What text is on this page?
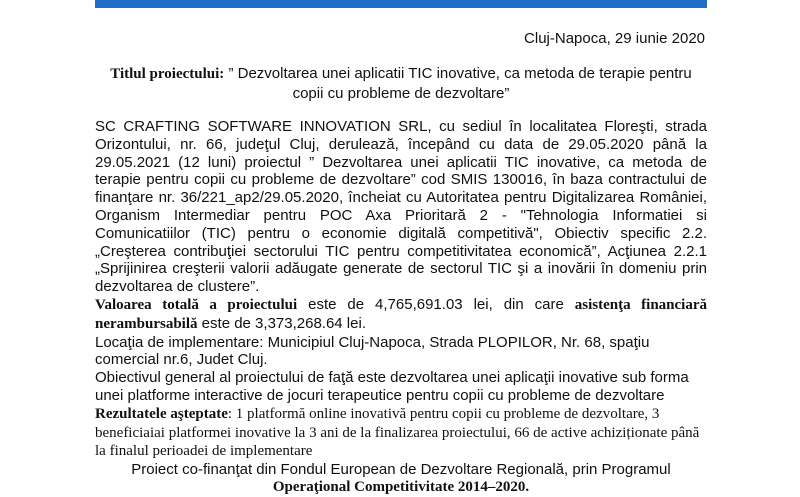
Cluj-Napoca, 29 iunie 2020
Titlul proiectului: ” Dezvoltarea unei aplicatii TIC inovative, ca metoda de terapie pentru
copii cu probleme de dezvoltare”

SC CRAFTING SOFTWARE INNOVATION SRL, cu sediul în localitatea Floreşti, strada Orizontului, nr. 66, judeţul Cluj, derulează, începând cu data de 29.05.2020 până la 29.05.2021 (12 luni) proiectul ” Dezvoltarea unei aplicatii TIC inovative, ca metoda de terapie pentru copii cu probleme de dezvoltare” cod SMIS 130016, în baza contractului de finanţare nr. 36/221_ap2/29.05.2020, încheiat cu Autoritatea pentru Digitalizarea României, Organism Intermediar pentru POC Axa Prioritară 2 - "Tehnologia Informatiei si Comunicatiilor (TIC) pentru o economie digitală competitivă", Obiectiv specific 2.2. „Creşterea contribuţiei sectorului TIC pentru competitivitatea economică”, Acţiunea 2.2.1 „Sprijinirea creşterii valorii adăugate generate de sectorul TIC şi a inovării în domeniu prin dezvoltarea de clustere”.

Valoarea totală a proiectului este de 4,765,691.03 lei, din care asistenţa financiară nerambursabilă este de 3,373,268.64 lei.

Locaţia de implementare: Municipiul Cluj-Napoca, Strada PLOPILOR, Nr. 68, spaţiu comercial nr.6, Judet Cluj.

Obiectivul general al proiectului de faţă este dezvoltarea unei aplicaţii inovative sub forma unei platforme interactive de jocuri terapeutice pentru copii cu probleme de dezvoltare

Rezultatele aşteptate: 1 platformă online inovativă pentru copii cu probleme de dezvoltare, 3 beneficiaiai platformei inovative la 3 ani de la finalizarea proiectului, 66 de active achiziționate până la finalul perioadei de implementare

Proiect co-finanţat din Fondul European de Dezvoltare Regională, prin Programul
Operaţional Competitivitate 2014–2020.
